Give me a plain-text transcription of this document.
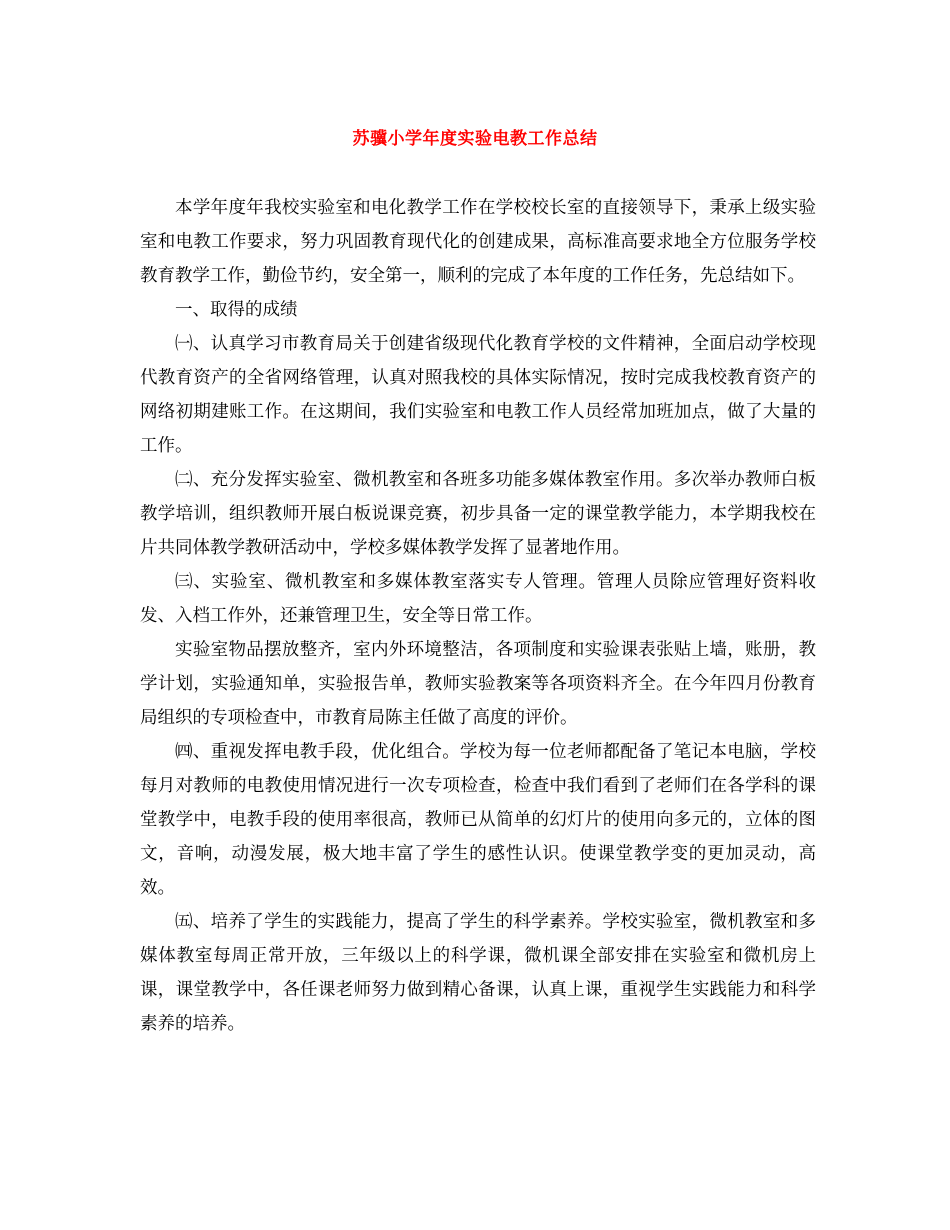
苏骥小学年度实验电教工作总结

本学年度年我校实验室和电化教学工作在学校校长室的直接领导下，秉承上级实验室和电教工作要求，努力巩固教育现代化的创建成果，高标准高要求地全方位服务学校教育教学工作，勤俭节约，安全第一，顺利的完成了本年度的工作任务，先总结如下。

一、取得的成绩

㈠、认真学习市教育局关于创建省级现代化教育学校的文件精神，全面启动学校现代教育资产的全省网络管理，认真对照我校的具体实际情况，按时完成我校教育资产的网络初期建账工作。在这期间，我们实验室和电教工作人员经常加班加点，做了大量的工作。

㈡、充分发挥实验室、微机教室和各班多功能多媒体教室作用。多次举办教师白板教学培训，组织教师开展白板说课竞赛，初步具备一定的课堂教学能力，本学期我校在片共同体教学教研活动中，学校多媒体教学发挥了显著地作用。

㈢、实验室、微机教室和多媒体教室落实专人管理。管理人员除应管理好资料收发、入档工作外，还兼管理卫生，安全等日常工作。

实验室物品摆放整齐，室内外环境整洁，各项制度和实验课表张贴上墙，账册，教学计划，实验通知单，实验报告单，教师实验教案等各项资料齐全。在今年四月份教育局组织的专项检查中，市教育局陈主任做了高度的评价。

㈣、重视发挥电教手段，优化组合。学校为每一位老师都配备了笔记本电脑，学校每月对教师的电教使用情况进行一次专项检查，检查中我们看到了老师们在各学科的课堂教学中，电教手段的使用率很高，教师已从简单的幻灯片的使用向多元的，立体的图文，音响，动漫发展，极大地丰富了学生的感性认识。使课堂教学变的更加灵动，高效。

㈤、培养了学生的实践能力，提高了学生的科学素养。学校实验室，微机教室和多媒体教室每周正常开放，三年级以上的科学课，微机课全部安排在实验室和微机房上课，课堂教学中，各任课老师努力做到精心备课，认真上课，重视学生实践能力和科学素养的培养。
